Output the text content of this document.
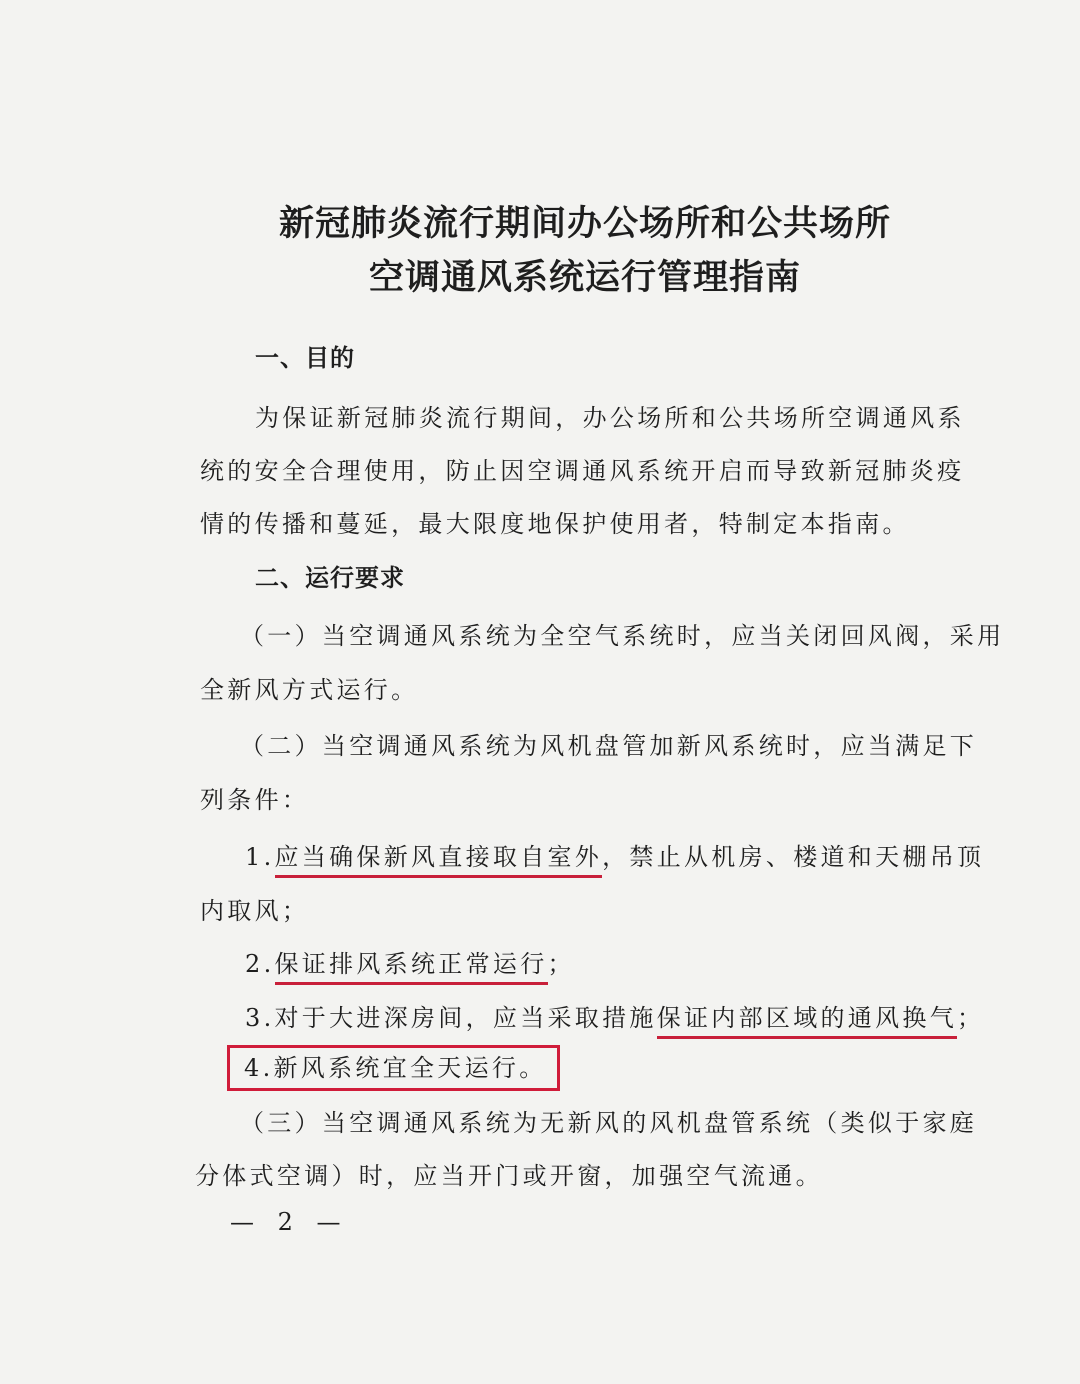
新冠肺炎流行期间办公场所和公共场所
空调通风系统运行管理指南
一、目的
为保证新冠肺炎流行期间，办公场所和公共场所空调通风系
统的安全合理使用，防止因空调通风系统开启而导致新冠肺炎疫
情的传播和蔓延，最大限度地保护使用者，特制定本指南。
二、运行要求
（一）当空调通风系统为全空气系统时，应当关闭回风阀，采用
全新风方式运行。
（二）当空调通风系统为风机盘管加新风系统时，应当满足下
列条件：
1.应当确保新风直接取自室外，禁止从机房、楼道和天棚吊顶
内取风；
2.保证排风系统正常运行；
3.对于大进深房间，应当采取措施保证内部区域的通风换气；
4.新风系统宜全天运行。
（三）当空调通风系统为无新风的风机盘管系统（类似于家庭
分体式空调）时，应当开门或开窗，加强空气流通。
— 2 —
